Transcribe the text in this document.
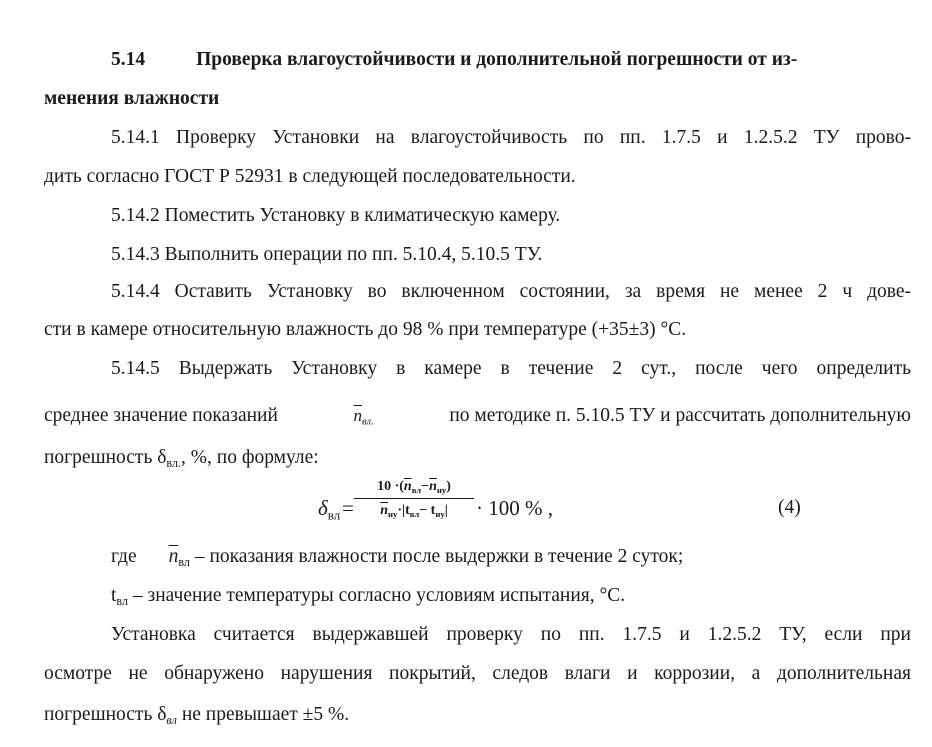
5.14	Проверка влагоустойчивости и дополнительной погрешности от из-
менения влажности
5.14.1 Проверку Установки на влагоустойчивость по пп. 1.7.5 и 1.2.5.2 ТУ прово-
дить согласно ГОСТ Р 52931 в следующей последовательности.
5.14.2 Поместить Установку в климатическую камеру.
5.14.3 Выполнить операции по пп. 5.10.4, 5.10.5 ТУ.
5.14.4 Оставить Установку во включенном состоянии, за время не менее 2 ч дове-
сти в камере относительную влажность до 98 % при температуре (+35±3) °С.
5.14.5 Выдержать Установку в камере в течение 2 сут., после чего определить
среднее значение показаний	$\overline{n}_{вл.}$	по методике п. 5.10.5 ТУ и рассчитать дополнительную
погрешность $\delta_{вл.}$, %, по формуле:
$\delta_{вл}$ =
$10 \cdot(\overline{n}_{вл}-\overline{n}_{ну})$
$\overline{n}_{ну}\cdot|t_{вл}- t_{ну}|$	· 100 % ,	(4)
где $\overline{n}_{вл}$ – показания влажности после выдержки в течение 2 суток;
$t_{вл}$ – значение температуры согласно условиям испытания, °С.
Установка считается выдержавшей проверку по пп. 1.7.5 и 1.2.5.2 ТУ, если при
осмотре не обнаружено нарушения покрытий, следов влаги и коррозии, а дополнительная
погрешность $\delta_{вл}$ не превышает ±5 %.
